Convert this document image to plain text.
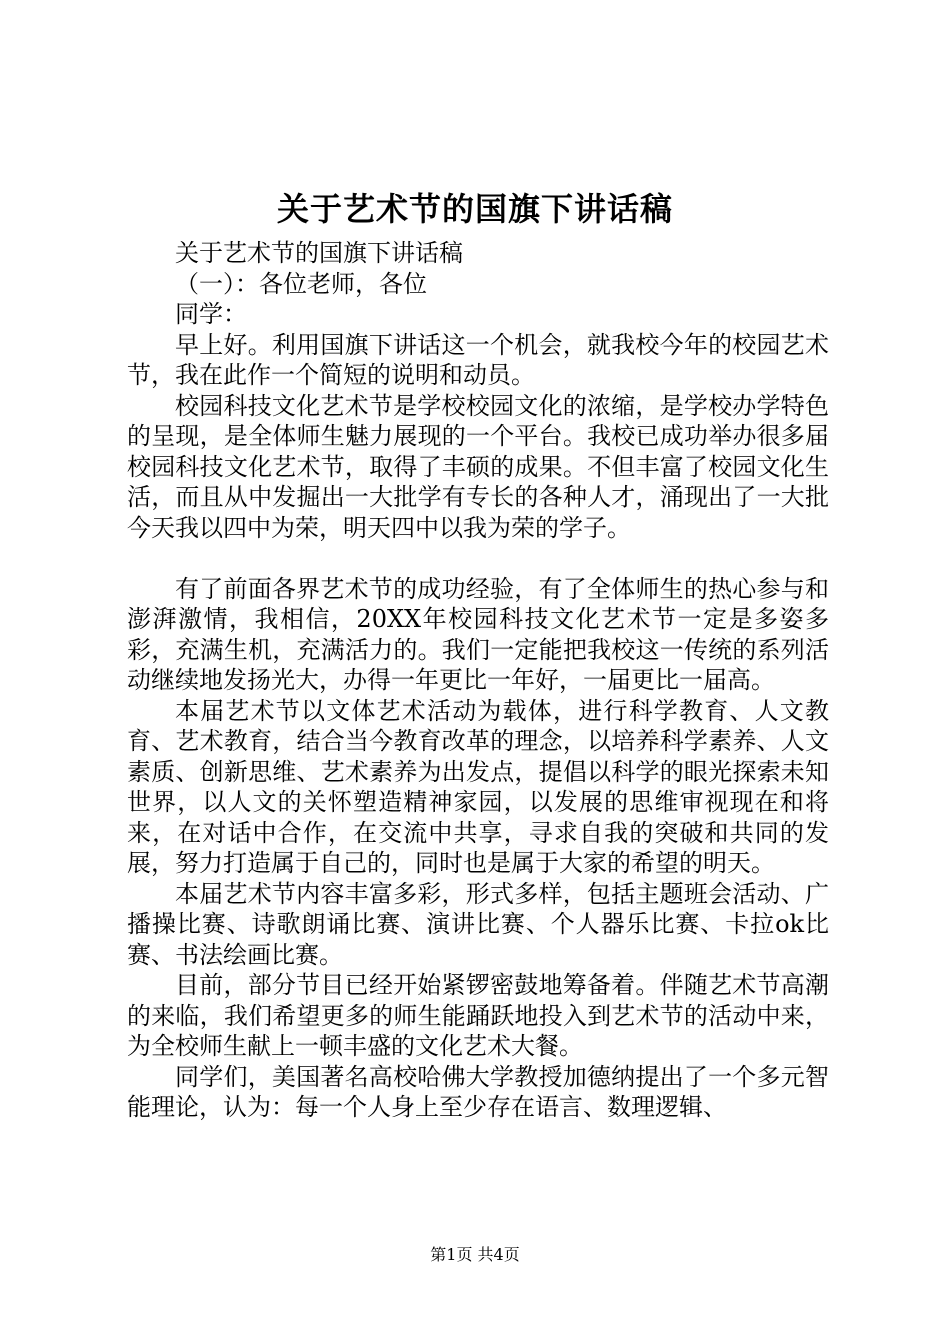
关于艺术节的国旗下讲话稿

关于艺术节的国旗下讲话稿

（一）：各位老师，各位

同学：

早上好。利用国旗下讲话这一个机会，就我校今年的校园艺术节，我在此作一个简短的说明和动员。

校园科技文化艺术节是学校校园文化的浓缩，是学校办学特色的呈现，是全体师生魅力展现的一个平台。我校已成功举办很多届校园科技文化艺术节，取得了丰硕的成果。不但丰富了校园文化生活，而且从中发掘出一大批学有专长的各种人才，涌现出了一大批今天我以四中为荣，明天四中以我为荣的学子。

有了前面各界艺术节的成功经验，有了全体师生的热心参与和澎湃激情，我相信，20XX年校园科技文化艺术节一定是多姿多彩，充满生机，充满活力的。我们一定能把我校这一传统的系列活动继续地发扬光大，办得一年更比一年好，一届更比一届高。

本届艺术节以文体艺术活动为载体，进行科学教育、人文教育、艺术教育，结合当今教育改革的理念，以培养科学素养、人文素质、创新思维、艺术素养为出发点，提倡以科学的眼光探索未知世界，以人文的关怀塑造精神家园，以发展的思维审视现在和将来，在对话中合作，在交流中共享，寻求自我的突破和共同的发展，努力打造属于自己的，同时也是属于大家的希望的明天。

本届艺术节内容丰富多彩，形式多样，包括主题班会活动、广播操比赛、诗歌朗诵比赛、演讲比赛、个人器乐比赛、卡拉ok比赛、书法绘画比赛。

目前，部分节目已经开始紧锣密鼓地筹备着。伴随艺术节高潮的来临，我们希望更多的师生能踊跃地投入到艺术节的活动中来，为全校师生献上一顿丰盛的文化艺术大餐。

同学们，美国著名高校哈佛大学教授加德纳提出了一个多元智能理论，认为：每一个人身上至少存在语言、数理逻辑、

第1页 共4页
